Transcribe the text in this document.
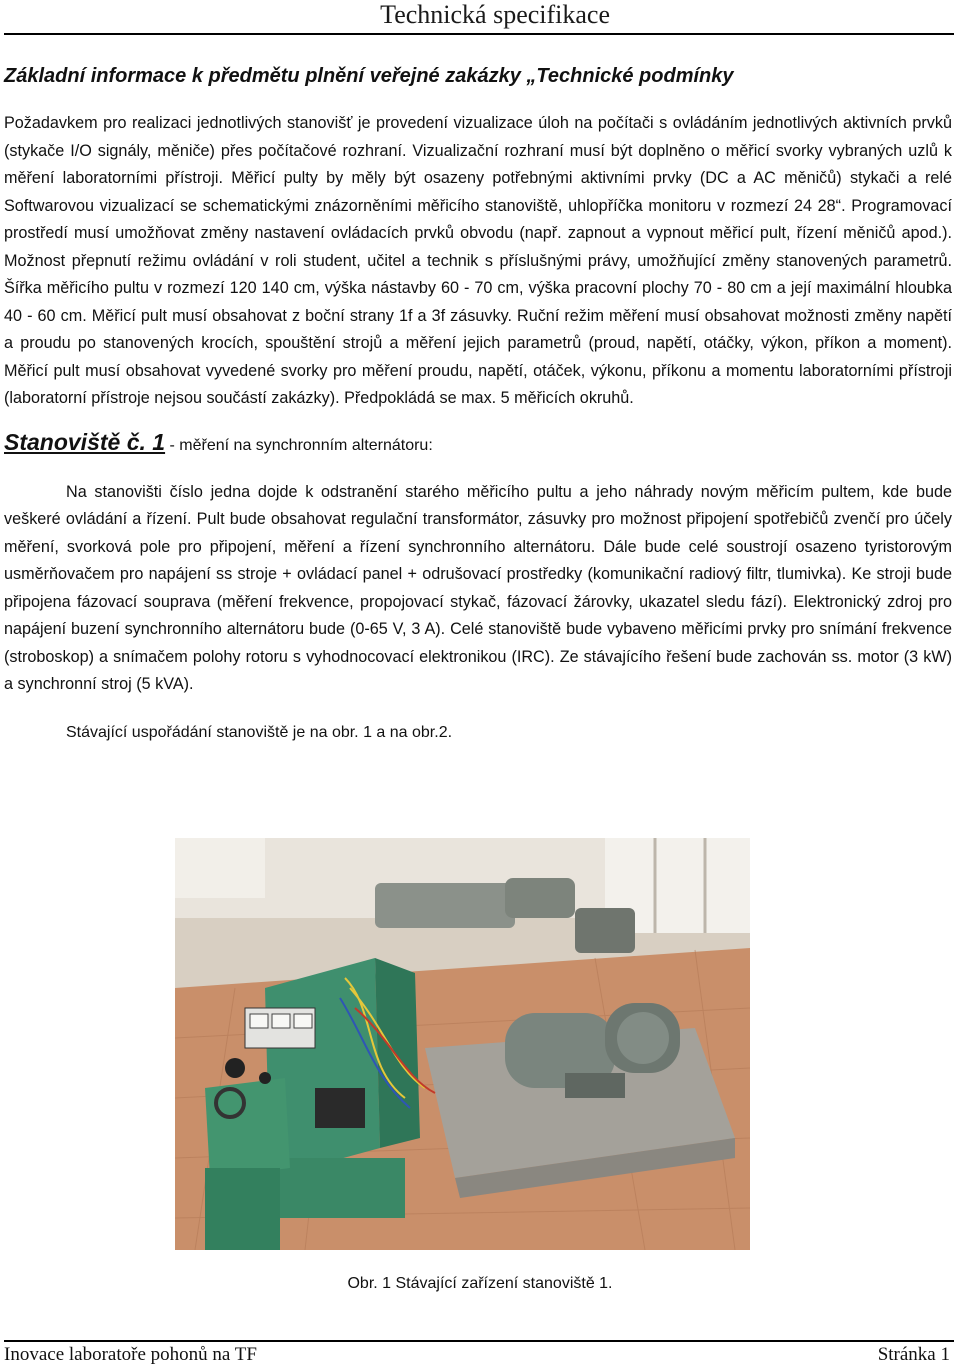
Technická specifikace
Základní informace k předmětu plnění veřejné zakázky „Technické podmínky

Požadavkem pro realizaci jednotlivých stanovišť je provedení vizualizace úloh na počítači s ovládáním jednotlivých aktivních prvků (stykače I/O signály, měniče) přes počítačové rozhraní. Vizualizační rozhraní musí být doplněno o měřicí svorky vybraných uzlů k měření laboratorními přístroji. Měřicí pulty by měly být osazeny potřebnými aktivními prvky (DC a AC měničů) stykači a relé Softwarovou vizualizací se schematickými znázorněními měřicího stanoviště, uhlopříčka monitoru v rozmezí 24 28“. Programovací prostředí musí umožňovat změny nastavení ovládacích prvků obvodu (např. zapnout a vypnout měřicí pult, řízení měničů apod.). Možnost přepnutí režimu ovládání v roli student, učitel a technik s příslušnými právy, umožňující změny stanovených parametrů. Šířka měřicího pultu v rozmezí 120 140 cm, výška nástavby 60 - 70 cm, výška pracovní plochy 70 - 80 cm a její maximální hloubka 40 - 60 cm. Měřicí pult musí obsahovat z boční strany 1f a 3f zásuvky. Ruční režim měření musí obsahovat možnosti změny napětí a proudu po stanovených krocích, spouštění strojů a měření jejich parametrů (proud, napětí, otáčky, výkon, příkon a moment). Měřicí pult musí obsahovat vyvedené svorky pro měření proudu, napětí, otáček, výkonu, příkonu a momentu laboratorními přístroji (laboratorní přístroje nejsou součástí zakázky). Předpokládá se max. 5 měřicích okruhů.

Stanoviště č. 1 - měření na synchronním alternátoru:

Na stanovišti číslo jedna dojde k odstranění starého měřicího pultu a jeho náhrady novým měřicím pultem, kde bude veškeré ovládání a řízení. Pult bude obsahovat regulační transformátor, zásuvky pro možnost připojení spotřebičů zvenčí pro účely měření, svorková pole pro připojení, měření a řízení synchronního alternátoru. Dále bude celé soustrojí osazeno tyristorovým usměrňovačem pro napájení ss stroje + ovládací panel + odrušovací prostředky (komunikační radiový filtr, tlumivka). Ke stroji bude připojena fázovací souprava (měření frekvence, propojovací stykač, fázovací žárovky, ukazatel sledu fází). Elektronický zdroj pro napájení buzení synchronního alternátoru bude (0-65 V, 3 A). Celé stanoviště bude vybaveno měřicími prvky pro snímání frekvence (stroboskop) a snímačem polohy rotoru s vyhodnocovací elektronikou (IRC). Ze stávajícího řešení bude zachován ss. motor (3 kW) a synchronní stroj (5 kVA).

Stávající uspořádání stanoviště je na obr. 1 a na obr.2.

Obr. 1 Stávající zařízení stanoviště 1.
Inovace laboratoře pohonů na TF	Stránka 1
